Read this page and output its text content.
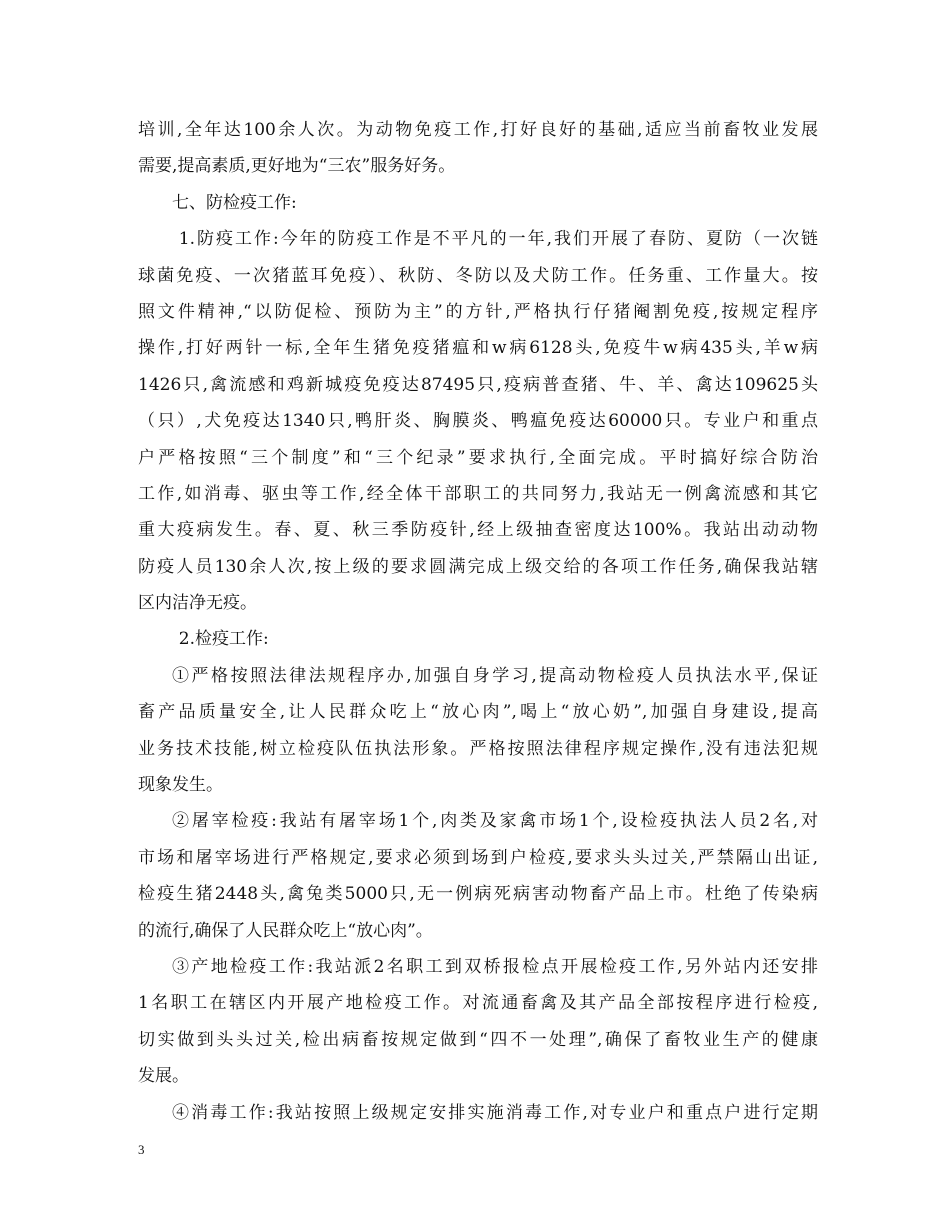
培训,全年达100余人次。为动物免疫工作,打好良好的基础,适应当前畜牧业发展
需要,提高素质,更好地为“三农”服务好务。
七、防检疫工作:
1.防疫工作:今年的防疫工作是不平凡的一年,我们开展了春防、夏防（一次链
球菌免疫、一次猪蓝耳免疫）、秋防、冬防以及犬防工作。任务重、工作量大。按
照文件精神,“以防促检、预防为主”的方针,严格执行仔猪阉割免疫,按规定程序
操作,打好两针一标,全年生猪免疫猪瘟和w病6128头,免疫牛w病435头,羊w病
1426只,禽流感和鸡新城疫免疫达87495只,疫病普查猪、牛、羊、禽达109625头
（只）,犬免疫达1340只,鸭肝炎、胸膜炎、鸭瘟免疫达60000只。专业户和重点
户严格按照“三个制度”和“三个纪录”要求执行,全面完成。平时搞好综合防治
工作,如消毒、驱虫等工作,经全体干部职工的共同努力,我站无一例禽流感和其它
重大疫病发生。春、夏、秋三季防疫针,经上级抽查密度达100%。我站出动动物
防疫人员130余人次,按上级的要求圆满完成上级交给的各项工作任务,确保我站辖
区内洁净无疫。
2.检疫工作:
①严格按照法律法规程序办,加强自身学习,提高动物检疫人员执法水平,保证
畜产品质量安全,让人民群众吃上“放心肉”,喝上“放心奶”,加强自身建设,提高
业务技术技能,树立检疫队伍执法形象。严格按照法律程序规定操作,没有违法犯规
现象发生。
②屠宰检疫:我站有屠宰场1个,肉类及家禽市场1个,设检疫执法人员2名,对
市场和屠宰场进行严格规定,要求必须到场到户检疫,要求头头过关,严禁隔山出证,
检疫生猪2448头,禽兔类5000只,无一例病死病害动物畜产品上市。杜绝了传染病
的流行,确保了人民群众吃上“放心肉”。
③产地检疫工作:我站派2名职工到双桥报检点开展检疫工作,另外站内还安排
1名职工在辖区内开展产地检疫工作。对流通畜禽及其产品全部按程序进行检疫,
切实做到头头过关,检出病畜按规定做到“四不一处理”,确保了畜牧业生产的健康
发展。
④消毒工作:我站按照上级规定安排实施消毒工作,对专业户和重点户进行定期
3
